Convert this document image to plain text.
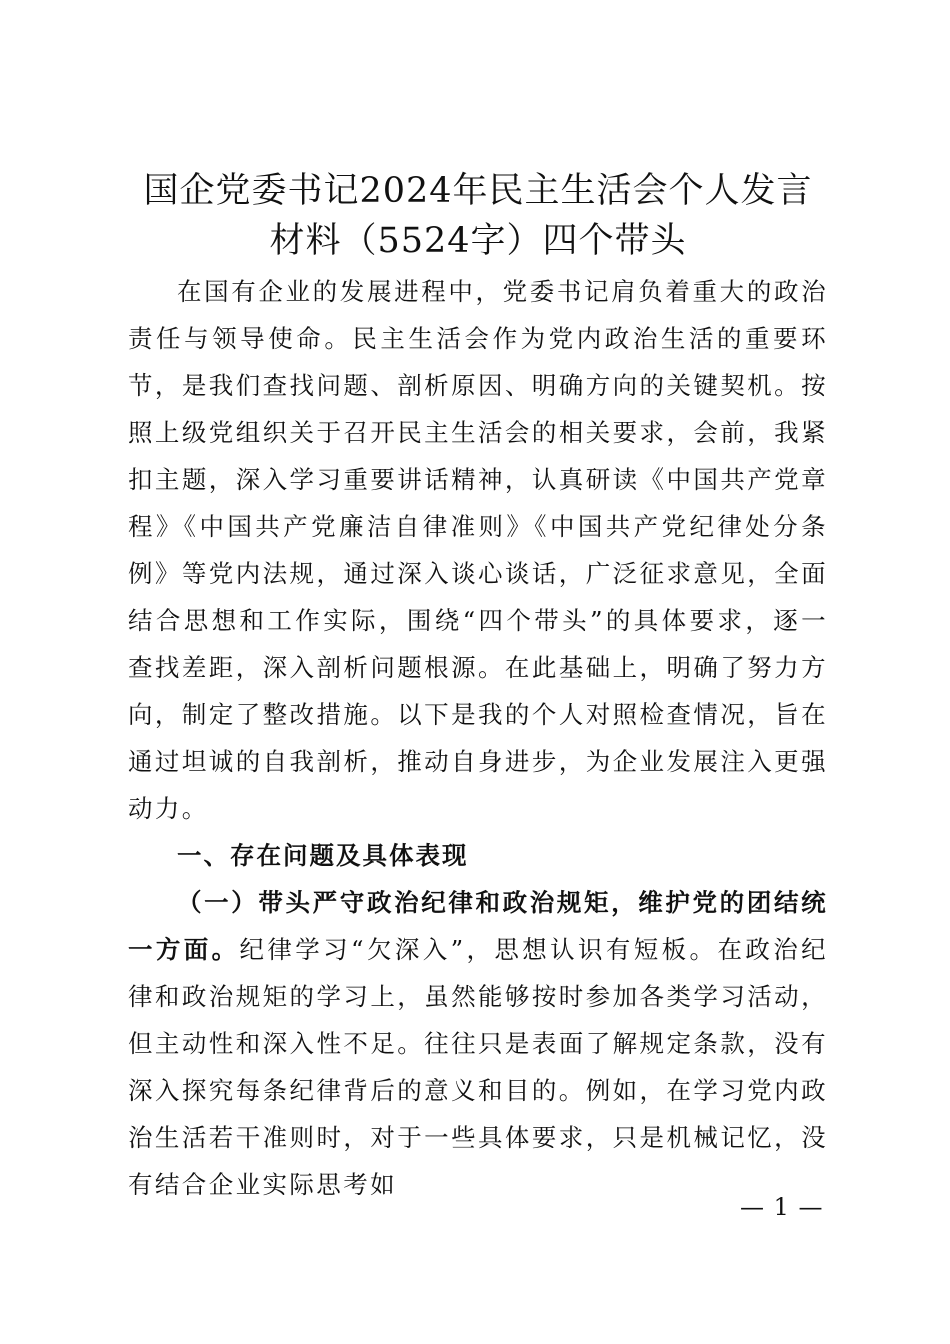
国企党委书记2024年民主生活会个人发言材料（5524字）四个带头

在国有企业的发展进程中，党委书记肩负着重大的政治责任与领导使命。民主生活会作为党内政治生活的重要环节，是我们查找问题、剖析原因、明确方向的关键契机。按照上级党组织关于召开民主生活会的相关要求，会前，我紧扣主题，深入学习重要讲话精神，认真研读《中国共产党章程》《中国共产党廉洁自律准则》《中国共产党纪律处分条例》等党内法规，通过深入谈心谈话，广泛征求意见，全面结合思想和工作实际，围绕“四个带头”的具体要求，逐一查找差距，深入剖析问题根源。在此基础上，明确了努力方向，制定了整改措施。以下是我的个人对照检查情况，旨在通过坦诚的自我剖析，推动自身进步，为企业发展注入更强动力。

一、存在问题及具体表现

（一）带头严守政治纪律和政治规矩，维护党的团结统一方面。纪律学习“欠深入”，思想认识有短板。在政治纪律和政治规矩的学习上，虽然能够按时参加各类学习活动，但主动性和深入性不足。往往只是表面了解规定条款，没有深入探究每条纪律背后的意义和目的。例如，在学习党内政治生活若干准则时，对于一些具体要求，只是机械记忆，没有结合企业实际思考如

— 1 —
